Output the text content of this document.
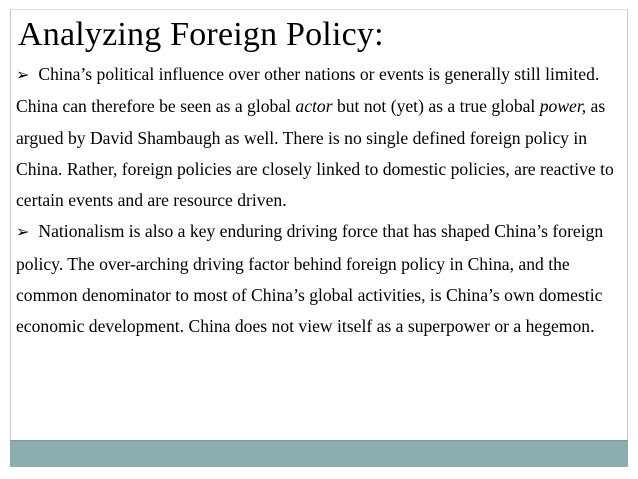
Analyzing Foreign Policy:

➢ China’s political influence over other nations or events is generally still limited. China can therefore be seen as a global actor but not (yet) as a true global power, as argued by David Shambaugh as well. There is no single defined foreign policy in China. Rather, foreign policies are closely linked to domestic policies, are reactive to certain events and are resource driven.

➢ Nationalism is also a key enduring driving force that has shaped China’s foreign policy. The over-arching driving factor behind foreign policy in China, and the common denominator to most of China’s global activities, is China’s own domestic economic development. China does not view itself as a superpower or a hegemon.
